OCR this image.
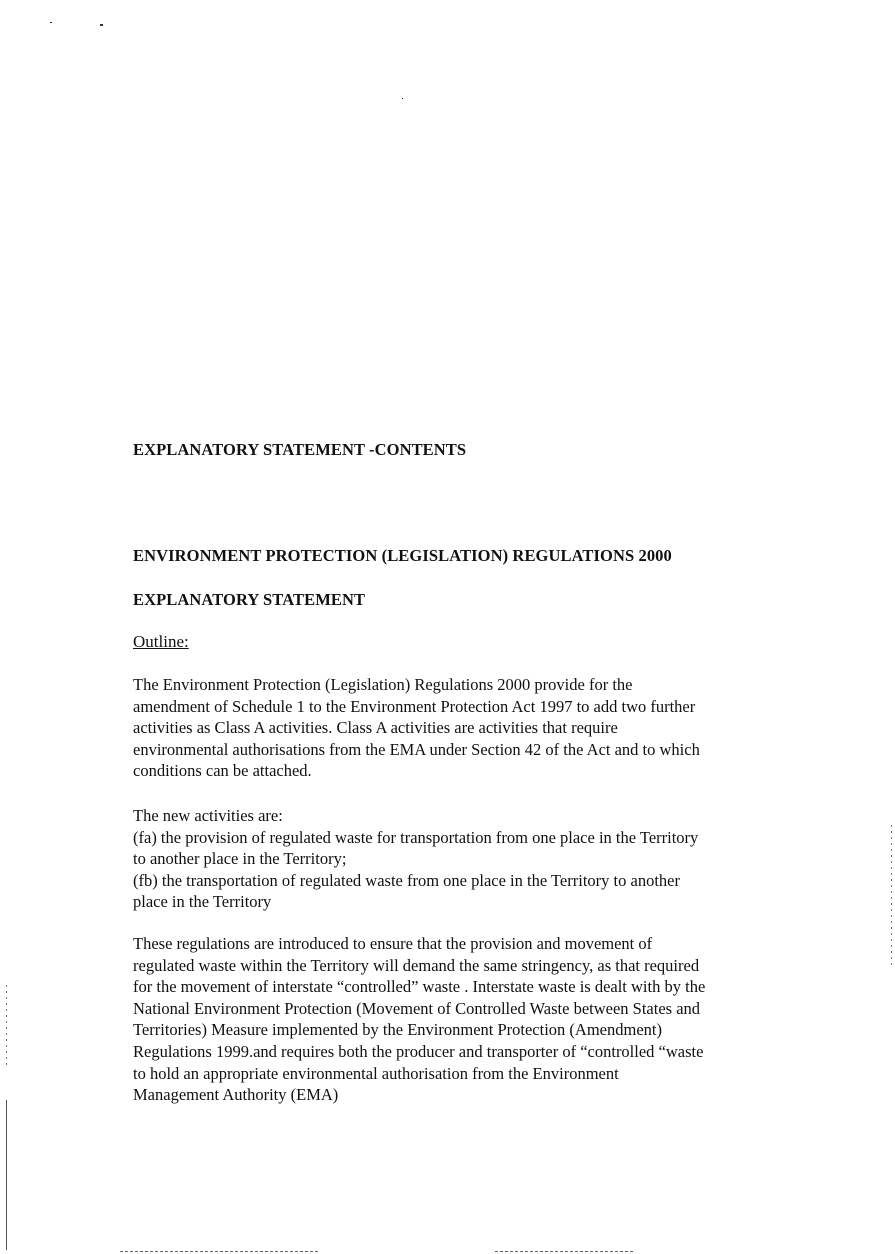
EXPLANATORY STATEMENT -CONTENTS
ENVIRONMENT PROTECTION (LEGISLATION) REGULATIONS 2000
EXPLANATORY STATEMENT
Outline:
The Environment Protection (Legislation) Regulations 2000 provide for the
amendment of Schedule 1 to the Environment Protection Act 1997 to add two further
activities as Class A activities. Class A activities are activities that require
environmental authorisations from the EMA under Section 42 of the Act and to which
conditions can be attached.
The new activities are:
(fa) the provision of regulated waste for transportation from one place in the Territory
to another place in the Territory;
(fb) the transportation of regulated waste from one place in the Territory to another
place in the Territory
These regulations are introduced to ensure that the provision and movement of
regulated waste within the Territory will demand the same stringency, as that required
for the movement of interstate “controlled” waste . Interstate waste is dealt with by the
National Environment Protection (Movement of Controlled Waste between States and
Territories) Measure implemented by the Environment Protection (Amendment)
Regulations 1999.and requires both the producer and transporter of “controlled “waste
to hold an appropriate environmental authorisation from the Environment
Management Authority (EMA)
